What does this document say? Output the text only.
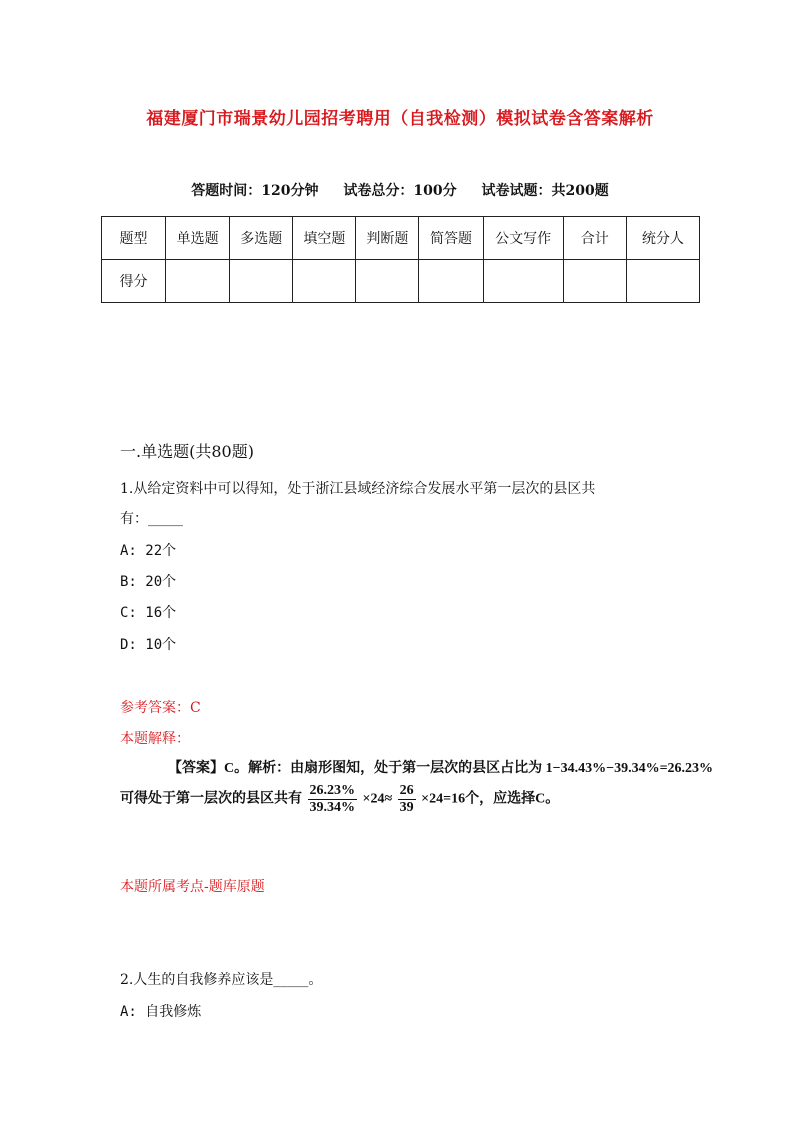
福建厦门市瑞景幼儿园招考聘用（自我检测）模拟试卷含答案解析
答题时间：120分钟 试卷总分：100分 试卷试题：共200题
题型	单选题	多选题	填空题	判断题	简答题	公文写作	合计	统分人
得分								
一.单选题(共80题)
1.从给定资料中可以得知，处于浙江县域经济综合发展水平第一层次的县区共
有：_____
A: 22个
B: 20个
C: 16个
D: 10个
参考答案：C
本题解释：
【答案】C。解析：由扇形图知，处于第一层次的县区占比为 1−34.43%−39.34%=26.23%
可得处于第一层次的县区共有 $\frac{26.23\%}{39.34\%} \times 24\approx \frac{26}{39} \times 24=16$个，应选择C。
本题所属考点-题库原题
2.人生的自我修养应该是_____。
A: 自我修炼
